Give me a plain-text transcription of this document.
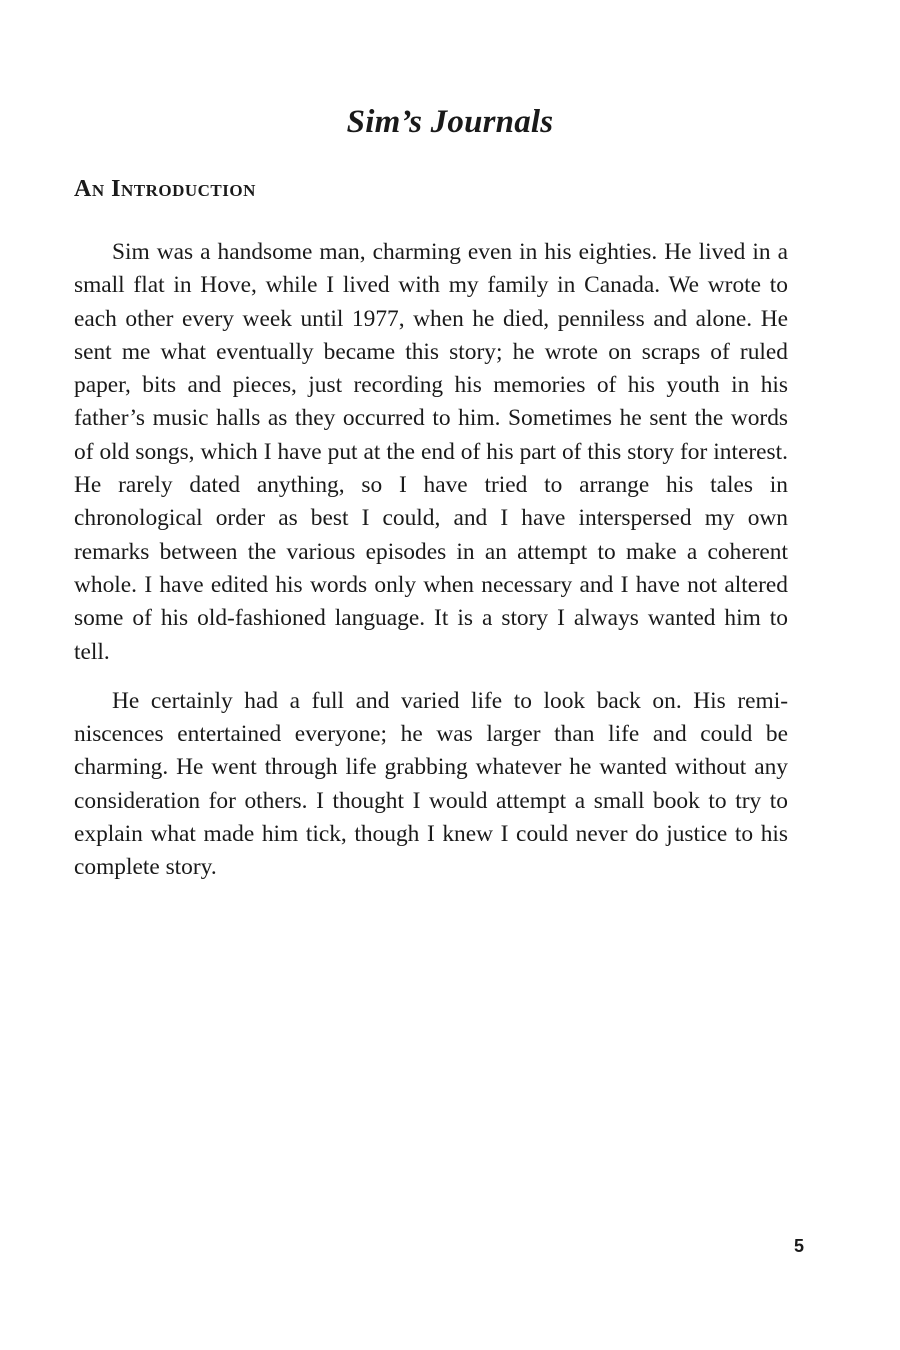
Sim’s Journals
An Introduction

Sim was a handsome man, charming even in his eighties. He lived in a small flat in Hove, while I lived with my family in Canada. We wrote to each other every week until 1977, when he died, penniless and alone. He sent me what eventually became this story; he wrote on scraps of ruled paper, bits and pieces, just recording his memories of his youth in his father’s music halls as they occurred to him. Sometimes he sent the words of old songs, which I have put at the end of his part of this story for interest. He rarely dated anything, so I have tried to arrange his tales in chronological order as best I could, and I have interspersed my own remarks between the various episodes in an attempt to make a coherent whole. I have edited his words only when necessary and I have not altered some of his old-fashioned language. It is a story I always wanted him to tell.

He certainly had a full and varied life to look back on. His reminiscences entertained everyone; he was larger than life and could be charming. He went through life grabbing whatever he wanted without any consideration for others. I thought I would attempt a small book to try to explain what made him tick, though I knew I could never do justice to his complete story.

5
